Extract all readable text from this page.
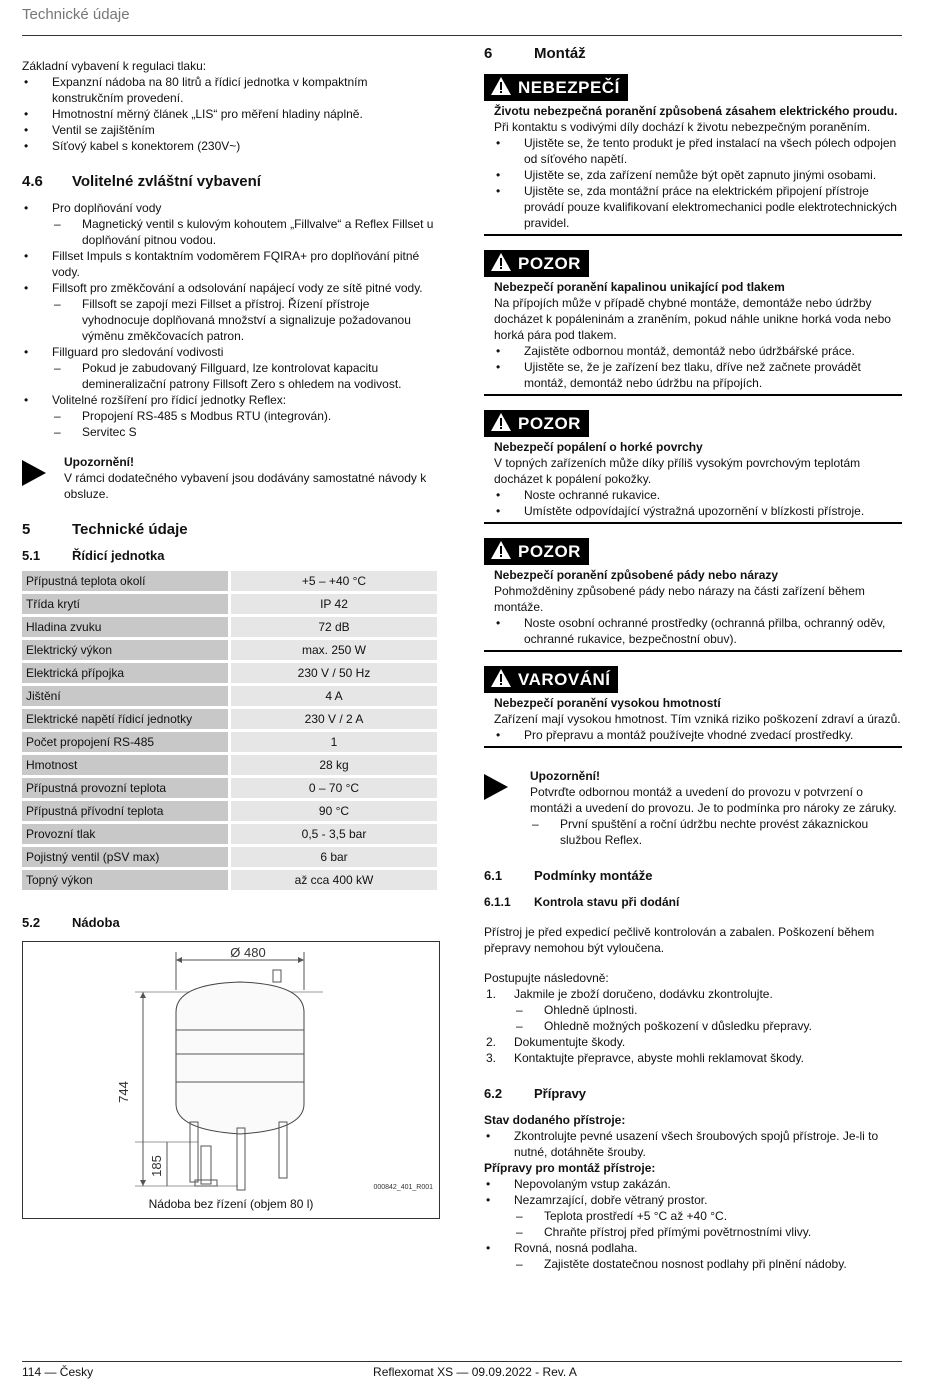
Technické údaje

Základní vybavení k regulaci tlaku:

• Expanzní nádoba na 80 litrů a řídicí jednotka v kompaktním konstrukčním provedení.
• Hmotnostní měrný článek „LIS“ pro měření hladiny náplně.
• Ventil se zajištěním
• Síťový kabel s konektorem (230V~)
4.6 Volitelné zvláštní vybavení
• Pro doplňování vody
– Magnetický ventil s kulovým kohoutem „Fillvalve“ a Reflex Fillset u doplňování pitnou vodou.
• Fillset Impuls s kontaktním vodoměrem FQIRA+ pro doplňování pitné vody.
• Fillsoft pro změkčování a odsolování napájecí vody ze sítě pitné vody.
– Fillsoft se zapojí mezi Fillset a přístroj. Řízení přístroje vyhodnocuje doplňovaná množství a signalizuje požadovanou výměnu změkčovacích patron.
• Fillguard pro sledování vodivosti
– Pokud je zabudovaný Fillguard, lze kontrolovat kapacitu demineralizační patrony Fillsoft Zero s ohledem na vodivost.
• Volitelné rozšíření pro řídicí jednotky Reflex:
– Propojení RS-485 s Modbus RTU (integrován).
– Servitec S

Upozornění!

V rámci dodatečného vybavení jsou dodávány samostatné návody k obsluze.

5	Technické údaje
5.1 Řídicí jednotka
Přípustná teplota okolí	+5 – +40 °C
Třída krytí	IP 42
Hladina zvuku	72 dB
Elektrický výkon	max. 250 W
Elektrická přípojka	230 V / 50 Hz
Jištění	4 A
Elektrické napětí řídicí jednotky	230 V / 2 A
Počet propojení RS-485	1
Hmotnost	28 kg
Přípustná provozní teplota	0 – 70 °C
Přípustná přívodní teplota	90 °C
Provozní tlak	0,5 - 3,5 bar
Pojistný ventil (pSV max)	6 bar
Topný výkon	až cca 400 kW
5.2 Nádoba
Ø 480
744
185
000842_401_R001
Nádoba bez řízení (objem 80 l)
6	Montáž
NEBEZPEČÍ

Životu nebezpečná poranění způsobená zásahem elektrického proudu.

Při kontaktu s vodivými díly dochází k životu nebezpečným poraněním.

• Ujistěte se, že tento produkt je před instalací na všech pólech odpojen od síťového napětí.
• Ujistěte se, zda zařízení nemůže být opět zapnuto jinými osobami.
• Ujistěte se, zda montážní práce na elektrickém připojení přístroje provádí pouze kvalifikovaní elektromechanici podle elektrotechnických pravidel.
POZOR

Nebezpečí poranění kapalinou unikající pod tlakem

Na přípojích může v případě chybné montáže, demontáže nebo údržby docházet k popáleninám a zraněním, pokud náhle unikne horká voda nebo horká pára pod tlakem.

• Zajistěte odbornou montáž, demontáž nebo údržbářské práce.
• Ujistěte se, že je zařízení bez tlaku, dříve než začnete provádět montáž, demontáž nebo údržbu na přípojích.
POZOR

Nebezpečí popálení o horké povrchy

V topných zařízeních může díky příliš vysokým povrchovým teplotám docházet k popálení pokožky.

• Noste ochranné rukavice.
• Umístěte odpovídající výstražná upozornění v blízkosti přístroje.
POZOR

Nebezpečí poranění způsobené pády nebo nárazy

Pohmožděniny způsobené pády nebo nárazy na části zařízení během montáže.

• Noste osobní ochranné prostředky (ochranná přilba, ochranný oděv, ochranné rukavice, bezpečnostní obuv).
VAROVÁNÍ

Nebezpečí poranění vysokou hmotností

Zařízení mají vysokou hmotnost. Tím vzniká riziko poškození zdraví a úrazů.

• Pro přepravu a montáž používejte vhodné zvedací prostředky.

Upozornění!

Potvrďte odbornou montáž a uvedení do provozu v potvrzení o montáži a uvedení do provozu. Je to podmínka pro nároky ze záruky.

– První spuštění a roční údržbu nechte provést zákaznickou službou Reflex.
6.1 Podmínky montáže
6.1.1 Kontrola stavu při dodání

Přístroj je před expedicí pečlivě kontrolován a zabalen. Poškození během přepravy nemohou být vyloučena.

Postupujte následovně:

1. Jakmile je zboží doručeno, dodávku zkontrolujte.
– Ohledně úplnosti.
– Ohledně možných poškození v důsledku přepravy.
2. Dokumentujte škody.
3. Kontaktujte přepravce, abyste mohli reklamovat škody.
6.2 Přípravy

Stav dodaného přístroje:

• Zkontrolujte pevné usazení všech šroubových spojů přístroje. Je-li to nutné, dotáhněte šrouby.

Přípravy pro montáž přístroje:

• Nepovolaným vstup zakázán.
• Nezamrzající, dobře větraný prostor.
– Teplota prostředí +5 °C až +40 °C.
– Chraňte přístroj před přímými povětrnostními vlivy.
• Rovná, nosná podlaha.
– Zajistěte dostatečnou nosnost podlahy při plnění nádoby.
114 — Česky	Reflexomat XS — 09.09.2022 - Rev. A
